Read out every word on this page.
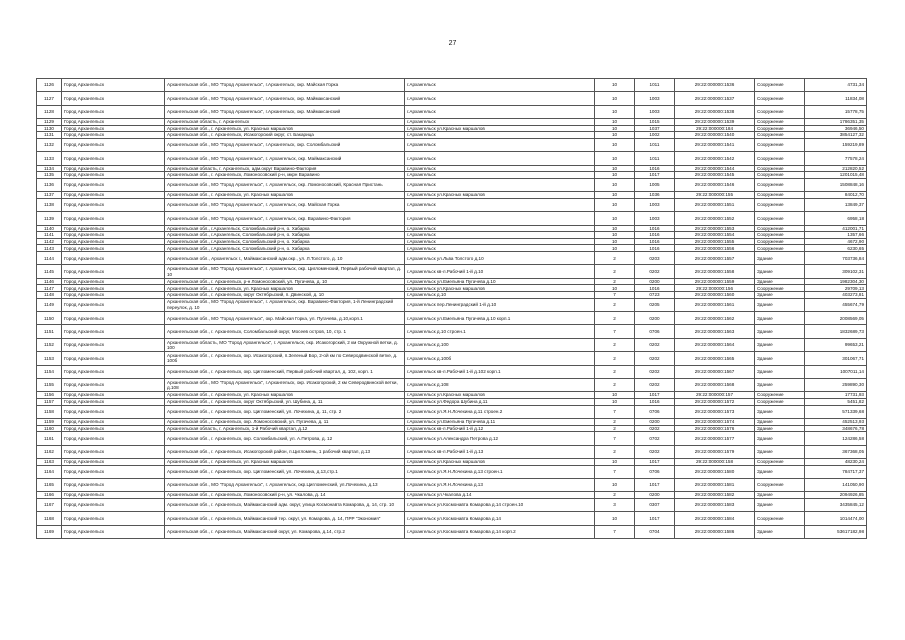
27
1126	Город Архангельск	Архангельская обл., МО "Город Архангельск", г.Архангельск, окр. Майская Горка	г.Архангельск	10	1011	29:22:000000:1536	Сооружение	4731,34
1127	Город Архангельск	Архангельская обл., МО "Город Архангельск", г.Архангельск, окр. Маймаксанский	г.Архангельск	10	1003	29:22:000000:1537	Сооружение	11834,08
1128	Город Архангельск	Архангельская обл., МО "Город Архангельск", г.Архангельск, окр. Маймаксанский	г.Архангельск	10	1003	29:22:000000:1538	Сооружение	15778,75
1129	Город Архангельск	Архангельская область, г. Архангельск	г.Архангельск	10	1015	29:22:000000:1539	Сооружение	1786351,35
1130	Город Архангельск	Архангельская обл., г. Архангельск, ул. Красных маршалов	г.Архангельск ул.Красных маршалов	10	1037	29:22:000000:184	Сооружение	36946,50
1131	Город Архангельск	Архангельская обл., г. Архангельск, Исакогорский округ, ст. Бакарица	г.Архангельск	10	1002	29:22:000000:1540	Сооружение	3854127,32
1132	Город Архангельск	Архангельская обл., МО "Город Архангельск", г.Архангельск, окр. Соломбальский	г.Архангельск	10	1011	29:22:000000:1541	Сооружение	159219,89
1133	Город Архангельск	Архангельская обл., МО "Город Архангельск", г. Архангельск, окр. Маймаксанский	г.Архангельск	10	1011	29:22:000000:1542	Сооружение	77578,24
1134	Город Архангельск	Архангельская область, г. Архангельск, адм.округ Варавино-Фактория	г.Архангельск	10	1016	29:22:000000:1544	Сооружение	212820,52
1135	Город Архангельск	Архангельская обл., г. Архангельск, Ломоносовский р-н, мкрн Варавино	г.Архангельск	10	1017	29:22:000000:1545	Сооружение	1201015,48
1136	Город Архангельск	Архангельская обл., МО "Город Архангельск", г. Архангельск, окр. Ломоносовский, Красная Пристань	г.Архангельск	10	1005	29:22:000000:1546	Сооружение	1508848,16
1137	Город Архангельск	Архангельская обл., г. Архангельск, ул. Красных маршалов	г.Архангельск ул.Красных маршалов	10	1036	29:22:000000:155	Сооружение	84012,70
1138	Город Архангельск	Архангельская обл., МО "Город Архангельск", г. Архангельск, окр. Майская Горка	г.Архангельск	10	1003	29:22:000000:1551	Сооружение	13849,37
1139	Город Архангельск	Архангельская обл., МО "Город Архангельск", г. Архангельск, окр. Варавино-Фактория	г.Архангельск	10	1003	29:22:000000:1552	Сооружение	6958,18
1140	Город Архангельск	Архангельская обл., г.Архангельск, Соломбальский р-н, о. Хабарка	г.Архангельск	10	1016	29:22:000000:1553	Сооружение	412001,71
1141	Город Архангельск	Архангельская обл., г.Архангельск, Соломбальский р-н, о. Хабарка	г.Архангельск	10	1016	29:22:000000:1554	Сооружение	1357,66
1142	Город Архангельск	Архангельская обл., г.Архангельск, Соломбальский р-н, о. Хабарка	г.Архангельск	10	1016	29:22:000000:1555	Сооружение	4672,90
1143	Город Архангельск	Архангельская обл., г.Архангельск, Соломбальский р-н, о. Хабарка	г.Архангельск	10	1016	29:22:000000:1556	Сооружение	6230,65
1144	Город Архангельск	Архангельская обл., Архангельск г., Маймаксанский адм.окр., ул. Л.Толстого, д. 10	г.Архангельск ул.Льва Толстого д.10	2	0203	29:22:000000:1557	Здание	703736,84
1145	Город Архангельск	Архангельская обл., МО "Город Архангельск", г. Архангельск, окр. Цигломенский, Первый рабочий квартал, д. 10	г.Архангельск кв-л.Рабочий 1-й д.10	2	0202	29:22:000000:1558	Здание	309102,31
1146	Город Архангельск	Архангельская обл., г. Архангельск, р-н Ломоносовский, ул. Пугачева, д. 10	г.Архангельск ул.Емельяна Пугачева д.10	2	0200	29:22:000000:1559	Здание	1982304,30
1147	Город Архангельск	Архангельская обл., г. Архангельск, ул. Красных маршалов	г.Архангельск ул.Красных маршалов	10	1016	29:22:000000:156	Сооружение	29709,13
1148	Город Архангельск	Архангельская обл., г. Архангельск, округ Октябрьский, п. Двинской, д. 10	г.Архангельск д.10	7	0723	29:22:000000:1560	Здание	403273,81
1149	Город Архангельск	Архангельская обл., МО "Город Архангельск", г. Архангельск, окр. Варавино-Фактория, 1-й Ленинградский переулок, д. 10	г.Архангельск пер.Ленинградский 1-й д.10	2	0205	29:22:000000:1561	Здание	455674,79
1150	Город Архангельск	Архангельская обл., МО "Город Архангельск", окр. Майская Горка, ул. Пугачева, д.10,корп.1	г.Архангельск ул.Емельяна Пугачева д.10 корп.1	2	0200	29:22:000000:1562	Здание	2008569,05
1151	Город Архангельск	Архангельская обл., г. Архангельск, Соломбальский округ, Мосеев остров, 10, стр. 1	г.Архангельск д.10 строен.1	7	0706	29:22:000000:1563	Здание	1832689,73
1152	Город Архангельск	Архангельская область, МО "Город Архангельск", г. Архангельск, окр. Исакогорский, 2 км Окружной ветки, д. 100	г.Архангельск д.100	2	0202	29:22:000000:1564	Здание	99653,21
1153	Город Архангельск	Архангельская обл., г. Архангельск, окр. Исакогорский, п.Зеленый Бор, 2-ой км по Северодвинской ветке, д. 100б	г.Архангельск д.100б	2	0202	29:22:000000:1565	Здание	301067,71
1154	Город Архангельск	Архангельская обл., г. Архангельск, окр. Цигломенский, Первый рабочий квартал, д. 102, корп. 1	г.Архангельск кв-л.Рабочий 1-й д.102 корп.1	2	0202	29:22:000000:1567	Здание	1007011,14
1155	Город Архангельск	Архангельская обл., МО "Город Архангельск", г.Архангельск, окр. Исакогорский, 2 км Северодвинской ветки, д.108	г.Архангельск д.108	2	0202	29:22:000000:1568	Здание	259890,30
1156	Город Архангельск	Архангельская обл., г. Архангельск, ул. Красных маршалов	г.Архангельск ул.Красных маршалов	10	1017	29:22:000000:157	Сооружение	17731,93
1157	Город Архангельск	Архангельская обл., г. Архангельск, округ Октябрьский, ул. Шубина, д. 11	г.Архангельск ул.Федора Шубина д.11	10	1016	29:22:000000:1572	Сооружение	5451,82
1158	Город Архангельск	Архангельская обл., г. Архангельск, окр. Цигломенский, ул. Лочехина, д. 11, стр. 2	г.Архангельск ул.Я.Н.Лочехина д.11 строен.2	7	0706	29:22:000000:1573	Здание	571339,68
1159	Город Архангельск	Архангельская обл., г. Архангельск, окр. Ломоносовский, ул. Пугачева, д. 11	г.Архангельск ул.Емельяна Пугачева д.11	2	0200	29:22:000000:1574	Здание	452513,93
1160	Город Архангельск	Архангельская область, г. Архангельск, 1-й Рабочий квартал, д.12	г.Архангельск кв-л.Рабочий 1-й д.12	2	0202	29:22:000000:1576	Здание	348676,78
1161	Город Архангельск	Архангельская обл., г. Архангельск, окр. Соломбальский, ул. А.Петрова, д. 12	г.Архангельск ул.Александра Петрова д.12	7	0702	29:22:000000:1577	Здание	124286,58
1162	Город Архангельск	Архангельская обл., г. Архангельск, Исакогорский район, п.Цигломень, 1 рабочий квартал, д.13	г.Архангельск кв-л.Рабочий 1-й д.13	2	0202	29:22:000000:1579	Здание	367368,05
1163	Город Архангельск	Архангельская обл., г. Архангельск, ул. Красных маршалов	г.Архангельск ул.Красных маршалов	10	1017	29:22:000000:158	Сооружение	48230,24
1164	Город Архангельск	Архангельская обл., г. Архангельск, окр. Цигломенский, ул. Лочехина, д.13,стр.1	г.Архангельск ул.Я.Н.Лочехина д.13 строен.1	7	0706	29:22:000000:1580	Здание	784717,37
1165	Город Архангельск	Архангельская обл., МО "Город Архангельск", г. Архангельск, окр.Цигломенский, ул.Лочехина, д.13	г.Архангельск ул.Я.Н.Лочехина д.13	10	1017	29:22:000000:1581	Сооружение	141050,90
1166	Город Архангельск	Архангельская обл., г. Архангельск, Ломоносовский р-н, ул. Чкалова, д. 14	г.Архангельск ул.Чкалова д.14	2	0200	29:22:000000:1582	Здание	2094926,85
1167	Город Архангельск	Архангельская обл., г. Архангельск, Маймаксанский адм. округ, улица Космонавта Комарова, д. 14, стр. 10	г.Архангельск ул.Космонавта Комарова д.14 строен.10	3	0307	29:22:000000:1583	Здание	3435845,12
1168	Город Архангельск	Архангельская обл., г. Архангельск, Маймаксанский тер. округ, ул. Комарова, д. 14, ПРР "Экономия"	г.Архангельск ул.Космонавта Комарова д.14	10	1017	29:22:000000:1584	Сооружение	1014474,00
1169	Город Архангельск	Архангельская обл., г. Архангельск, Маймаксанский округ, ул. Комарова, д.14, стр.2	г.Архангельск ул.Космонавта Комарова д.14 корп.2	7	0704	29:22:000000:1586	Здание	53617182,98
